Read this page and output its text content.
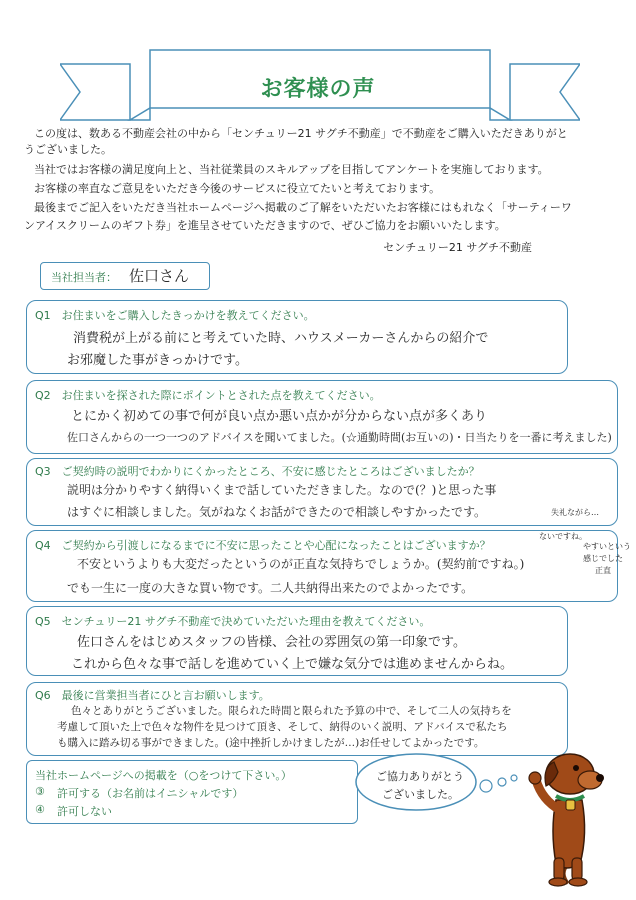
お客様の声
この度は、数ある不動産会社の中から「センチュリー21 サグチ不動産」で不動産をご購入いただきありがと
うございました。
当社ではお客様の満足度向上と、当社従業員のスキルアップを目指してアンケートを実施しております。
お客様の率直なご意見をいただき今後のサービスに役立てたいと考えております。
最後までご記入をいただき当社ホームページへ掲載のご了解をいただいたお客様にはもれなく「サーティーワ
ンアイスクリームのギフト券」を進呈させていただきますので、ぜひご協力をお願いいたします。
センチュリー21 サグチ不動産
当社担当者： 佐口さん
Q1　お住まいをご購入したきっかけを教えてください。
消費税が上がる前にと考えていた時、ハウスメーカーさんからの紹介で
お邪魔した事がきっかけです。
Q2　お住まいを探された際にポイントとされた点を教えてください。
とにかく初めての事で何が良い点か悪い点かが分からない点が多くあり
佐口さんからの一つ一つのアドバイスを聞いてました。(☆通勤時間(お互いの)・日当たりを一番に考えました)
Q3　ご契約時の説明でわかりにくかったところ、不安に感じたところはございましたか？
説明は分かりやすく納得いくまで話していただきました。なので(？)と思った事
はすぐに相談しました。気がねなくお話ができたので相談しやすかったです。	失礼ながら…
Q4　ご契約から引渡しになるまでに不安に思ったことや心配になったことはございますか？
不安というよりも大変だったというのが正直な気持ちでしょうか。(契約前ですね。)
でも一生に一度の大きな買い物です。二人共納得出来たのでよかったです。
ないですね。
やすいという
感じでした
正直
Q5　センチュリー21 サグチ不動産で決めていただいた理由を教えてください。
佐口さんをはじめスタッフの皆様、会社の雰囲気の第一印象です。
これから色々な事で話しを進めていく上で嫌な気分では進めませんからね。
Q6　最後に営業担当者にひと言お願いします。
色々とありがとうございました。限られた時間と限られた予算の中で、そして二人の気持ちを
考慮して頂いた上で色々な物件を見つけて頂き、そして、納得のいく説明、アドバイスで私たち
も購入に踏み切る事ができました。(途中挫折しかけましたが…)お任せしてよかったです。
当社ホームページへの掲載を（○をつけて下さい。）
③ 許可する（お名前はイニシャルです）
④ 許可しない
ご協力ありがとう
ございました。
